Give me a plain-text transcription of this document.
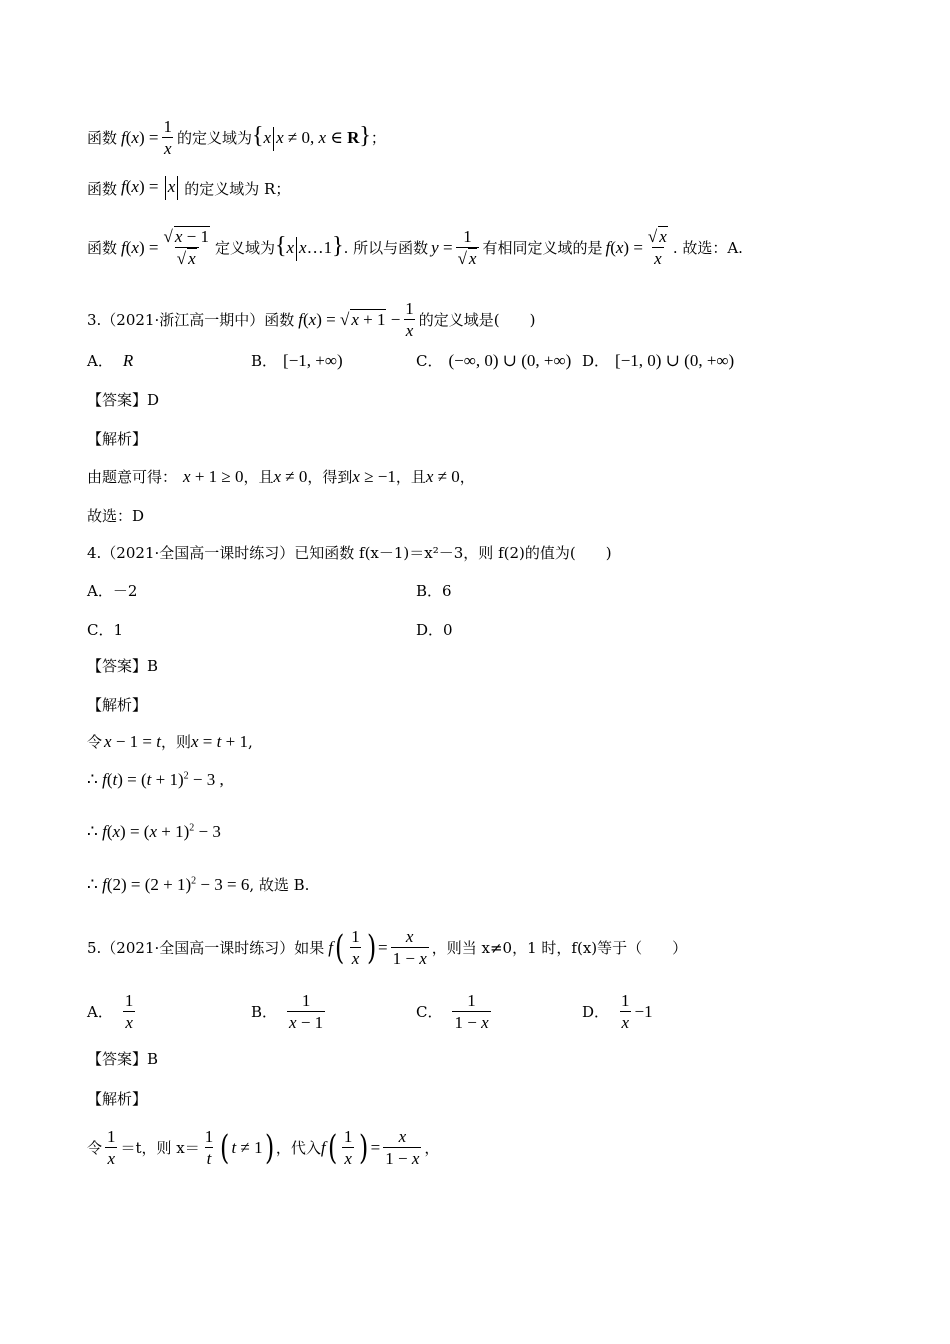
函数 $f(x) = \frac{1}{x}$ 的定义域为 {x x ≠ 0, x ∈ R} ；
函数 f(x) = x 的定义域为 R；
函数 $f(x) = \frac{√ x - 1}{√ x}$ 定义域为 {x x…1} . 所以与函数 $y = \frac{1}{√ x}$ 有相同定义域的是 $f(x) = \frac{√ x}{x}$ . 故选：A.
3.（2021·浙江高一期中）函数 f(x) = √ $x + 1 - \frac{1}{x}$ 的定义域是(　　)
A． R	B． [−1, +∞)	C． (−∞, 0) ∪ (0, +∞) D． [−1, 0) ∪ (0, +∞)
【答案】D
【解析】
由题意可得： x + 1 ≥ 0 ，且 x ≠ 0 ，得到 x ≥ −1 ，且 x ≠ 0 ，
故选：D
4.（2021·全国高一课时练习）已知函数 f(x－1)＝x²－3，则 f(2)的值为(　　)
A．－2	B．6
C．1	D．0
【答案】B
【解析】
令 x − 1 = t ，则 x = t + 1 ,
∴ $f(t) = (t + 1)^2 - 3$ ,
∴ $f(x) = (x + 1)^2 - 3$
∴ $f(2) = (2 + 1)^2 - 3 = 6$ , 故选 B.
5.（2021·全国高一课时练习）如果 f ( $\frac{1}{x}$ ) = $\frac{x}{1 - x}$ ，则当 x≠0，1 时，f(x)等于（　　）
A． $\frac{1}{x}$	B． $\frac{1}{x - 1}$	C． $\frac{1}{1 - x}$	D． $\frac{1}{x} -1$
【答案】B
【解析】
令 $\frac{1}{x} =t$，则 $x= \frac{1}{t}$ ( t ≠ 1 ) ，代入 f ( $\frac{1}{x}$ ) = $\frac{x}{1 - x}$ ，
